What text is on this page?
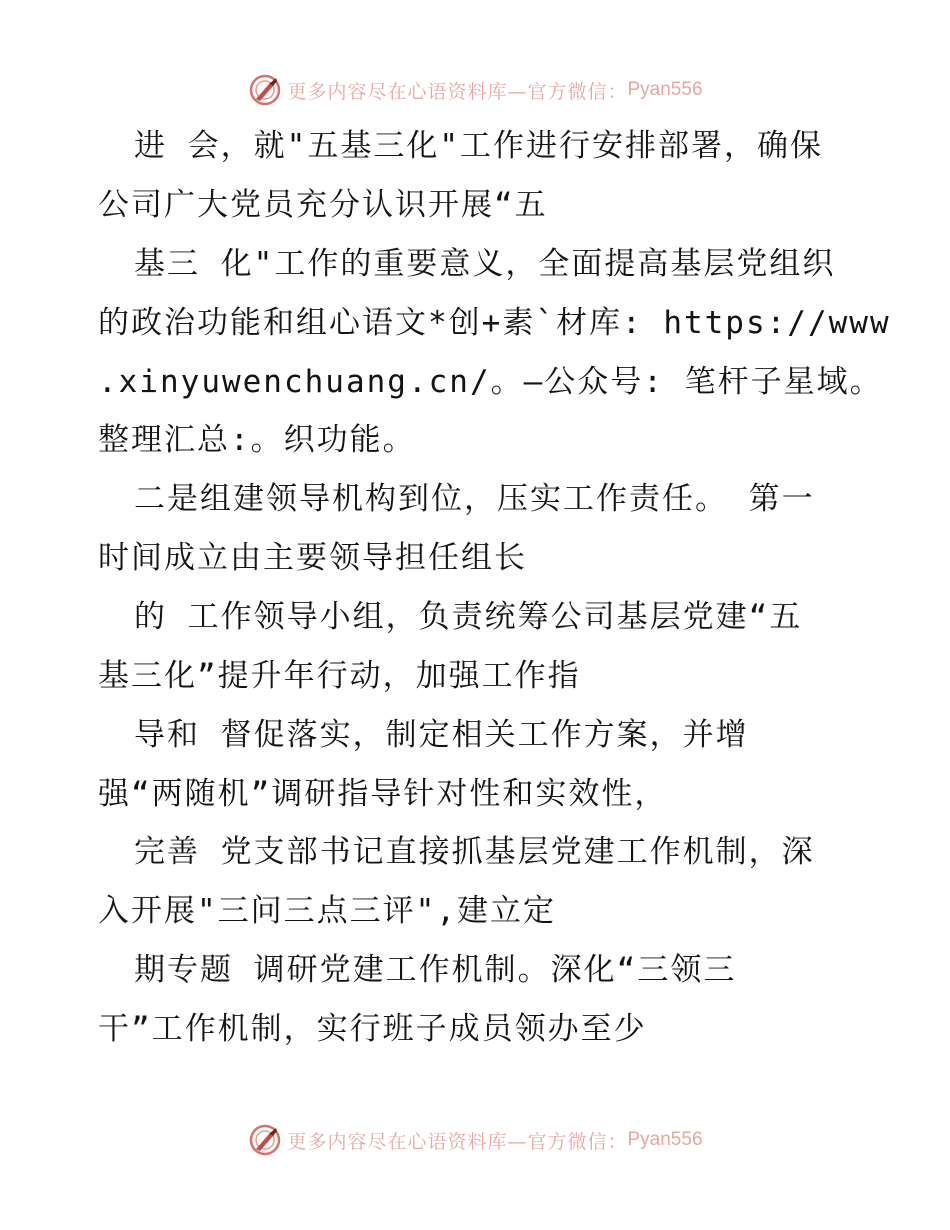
更多内容尽在心语资料库—官方微信： Pyan556
进 会，就"五基三化"工作进行安排部署，确保
公司广大党员充分认识开展“五
基三 化"工作的重要意义，全面提高基层党组织
的政治功能和组心语文*创+素`材库: https://www
.xinyuwenchuang.cn/。—公众号: 笔杆子星域。
整理汇总:。织功能。
二是组建领导机构到位，压实工作责任。 第一
时间成立由主要领导担任组长
的 工作领导小组，负责统筹公司基层党建“五
基三化”提升年行动，加强工作指
导和 督促落实，制定相关工作方案，并增
强“两随机”调研指导针对性和实效性，
完善 党支部书记直接抓基层党建工作机制，深
入开展"三问三点三评",建立定
期专题 调研党建工作机制。深化“三领三
干”工作机制，实行班子成员领办至少
更多内容尽在心语资料库—官方微信： Pyan556
